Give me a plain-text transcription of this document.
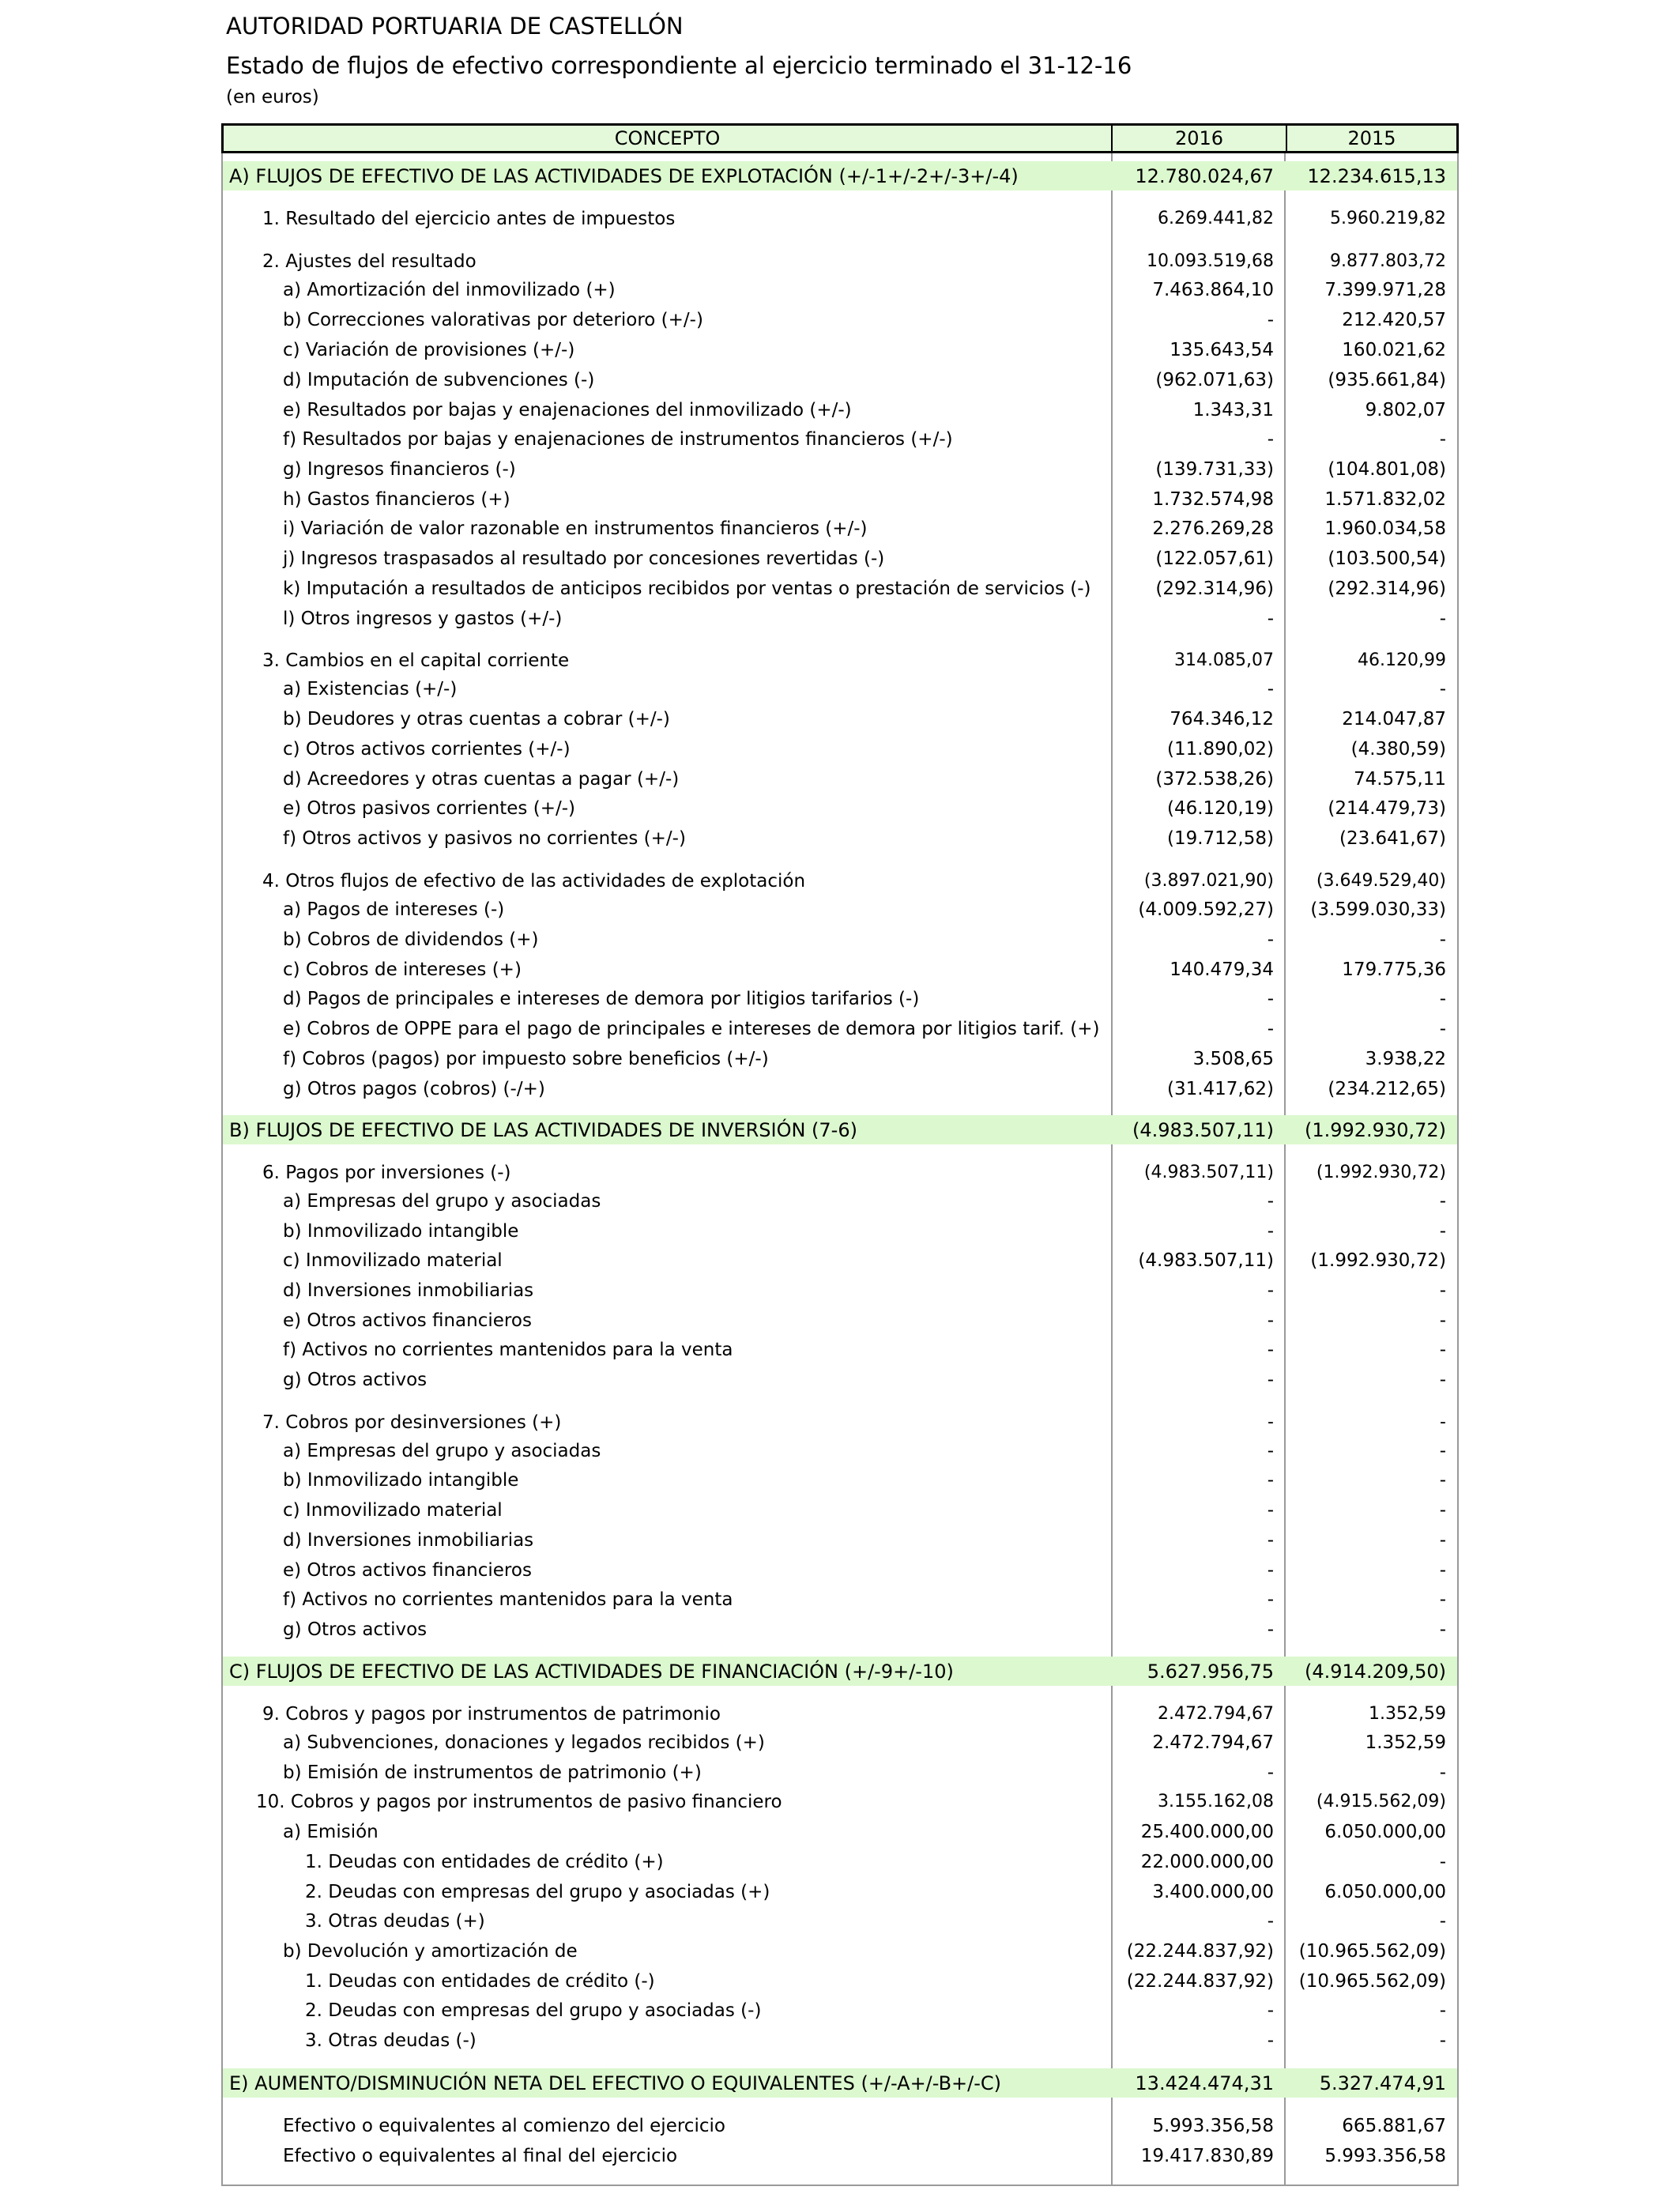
AUTORIDAD PORTUARIA DE CASTELLÓN
Estado de flujos de efectivo correspondiente al ejercicio terminado el 31-12-16
(en euros)
CONCEPTO	2016	2015
A) FLUJOS DE EFECTIVO DE LAS ACTIVIDADES DE EXPLOTACIÓN (+/-1+/-2+/-3+/-4)	12.780.024,67	12.234.615,13
1. Resultado del ejercicio antes de impuestos	6.269.441,82	5.960.219,82
2. Ajustes del resultado	10.093.519,68	9.877.803,72
a) Amortización del inmovilizado (+)	7.463.864,10	7.399.971,28
b) Correcciones valorativas por deterioro (+/-)	-	212.420,57
c) Variación de provisiones (+/-)	135.643,54	160.021,62
d) Imputación de subvenciones (-)	(962.071,63)	(935.661,84)
e) Resultados por bajas y enajenaciones del inmovilizado (+/-)	1.343,31	9.802,07
f) Resultados por bajas y enajenaciones de instrumentos financieros (+/-)	-	-
g) Ingresos financieros (-)	(139.731,33)	(104.801,08)
h) Gastos financieros (+)	1.732.574,98	1.571.832,02
i) Variación de valor razonable en instrumentos financieros (+/-)	2.276.269,28	1.960.034,58
j) Ingresos traspasados al resultado por concesiones revertidas (-)	(122.057,61)	(103.500,54)
k) Imputación a resultados de anticipos recibidos por ventas o prestación de servicios (-)	(292.314,96)	(292.314,96)
l) Otros ingresos y gastos (+/-)	-	-
3. Cambios en el capital corriente	314.085,07	46.120,99
a) Existencias (+/-)	-	-
b) Deudores y otras cuentas a cobrar (+/-)	764.346,12	214.047,87
c) Otros activos corrientes (+/-)	(11.890,02)	(4.380,59)
d) Acreedores y otras cuentas a pagar (+/-)	(372.538,26)	74.575,11
e) Otros pasivos corrientes (+/-)	(46.120,19)	(214.479,73)
f) Otros activos y pasivos no corrientes (+/-)	(19.712,58)	(23.641,67)
4. Otros flujos de efectivo de las actividades de explotación	(3.897.021,90)	(3.649.529,40)
a) Pagos de intereses (-)	(4.009.592,27)	(3.599.030,33)
b) Cobros de dividendos (+)	-	-
c) Cobros de intereses (+)	140.479,34	179.775,36
d) Pagos de principales e intereses de demora por litigios tarifarios (-)	-	-
e) Cobros de OPPE para el pago de principales e intereses de demora por litigios tarif. (+)	-	-
f) Cobros (pagos) por impuesto sobre beneficios (+/-)	3.508,65	3.938,22
g) Otros pagos (cobros) (-/+)	(31.417,62)	(234.212,65)
B) FLUJOS DE EFECTIVO DE LAS ACTIVIDADES DE INVERSIÓN (7-6)	(4.983.507,11)	(1.992.930,72)
6. Pagos por inversiones (-)	(4.983.507,11)	(1.992.930,72)
a) Empresas del grupo y asociadas	-	-
b) Inmovilizado intangible	-	-
c) Inmovilizado material	(4.983.507,11)	(1.992.930,72)
d) Inversiones inmobiliarias	-	-
e) Otros activos financieros	-	-
f) Activos no corrientes mantenidos para la venta	-	-
g) Otros activos	-	-
7. Cobros por desinversiones (+)	-	-
a) Empresas del grupo y asociadas	-	-
b) Inmovilizado intangible	-	-
c) Inmovilizado material	-	-
d) Inversiones inmobiliarias	-	-
e) Otros activos financieros	-	-
f) Activos no corrientes mantenidos para la venta	-	-
g) Otros activos	-	-
C) FLUJOS DE EFECTIVO DE LAS ACTIVIDADES DE FINANCIACIÓN (+/-9+/-10)	5.627.956,75	(4.914.209,50)
9. Cobros y pagos por instrumentos de patrimonio	2.472.794,67	1.352,59
a) Subvenciones, donaciones y legados recibidos (+)	2.472.794,67	1.352,59
b) Emisión de instrumentos de patrimonio (+)	-	-
10. Cobros y pagos por instrumentos de pasivo financiero	3.155.162,08	(4.915.562,09)
a) Emisión	25.400.000,00	6.050.000,00
1. Deudas con entidades de crédito (+)	22.000.000,00	-
2. Deudas con empresas del grupo y asociadas (+)	3.400.000,00	6.050.000,00
3. Otras deudas (+)	-	-
b) Devolución y amortización de	(22.244.837,92)	(10.965.562,09)
1. Deudas con entidades de crédito (-)	(22.244.837,92)	(10.965.562,09)
2. Deudas con empresas del grupo y asociadas (-)	-	-
3. Otras deudas (-)	-	-
E) AUMENTO/DISMINUCIÓN NETA DEL EFECTIVO O EQUIVALENTES (+/-A+/-B+/-C)	13.424.474,31	5.327.474,91
Efectivo o equivalentes al comienzo del ejercicio	5.993.356,58	665.881,67
Efectivo o equivalentes al final del ejercicio	19.417.830,89	5.993.356,58
